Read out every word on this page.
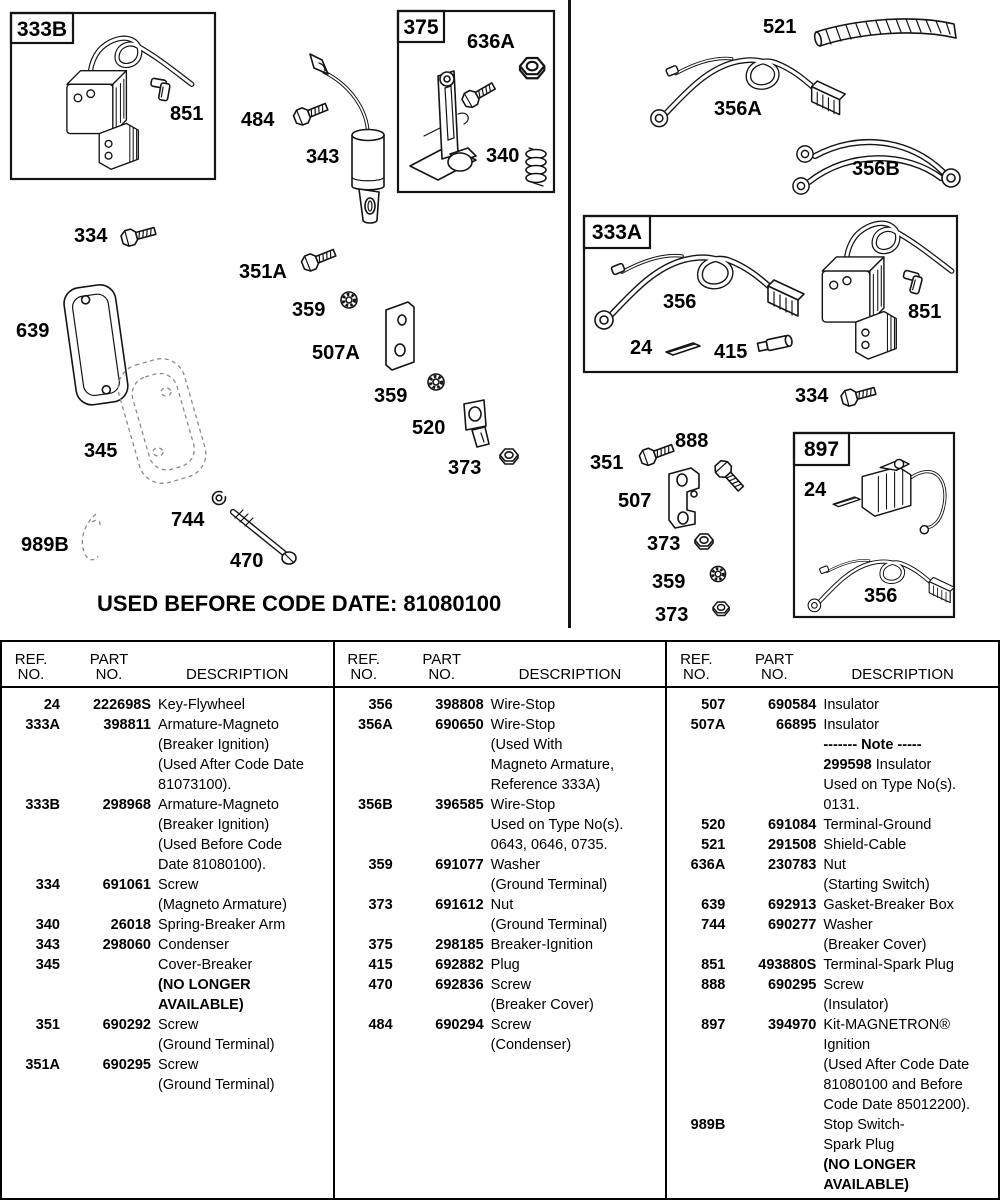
333B	375
333A
897
851 484
343
636A
340
521
356A
356B
356
24	415
851
334
334
351A
359
507A
359
520
373
639
345
989B
744
470
888
351
507
373
359
373
24
356
USED BEFORE CODE DATE: 81080100
REF.
NO.
PART
NO.	DESCRIPTION
24	222698S Key-Flywheel
333A	398811 Armature-Magneto
(Breaker Ignition)
(Used After Code Date
81073100).
333B	298968 Armature-Magneto
(Breaker Ignition)
(Used Before Code
Date 81080100).
334	691061 Screw
(Magneto Armature)
340	26018 Spring-Breaker Arm
343	298060 Condenser
345	Cover-Breaker
(NO LONGER
AVAILABLE)
351	690292 Screw
(Ground Terminal)
351A	690295 Screw
(Ground Terminal)
REF.
NO.
PART
NO.	DESCRIPTION
356	398808 Wire-Stop
356A	690650 Wire-Stop
(Used With
Magneto Armature,
Reference 333A)
356B	396585 Wire-Stop
Used on Type No(s).
0643, 0646, 0735.
359	691077 Washer
(Ground Terminal)
373	691612 Nut
(Ground Terminal)
375	298185 Breaker-Ignition
415	692882 Plug
470	692836 Screw
(Breaker Cover)
484	690294 Screw
(Condenser)
REF.
NO.
PART
NO.	DESCRIPTION
507	690584 Insulator
507A	66895 Insulator
------- Note -----
299598 Insulator
Used on Type No(s).
0131.
520	691084 Terminal-Ground
521	291508 Shield-Cable
636A	230783 Nut
(Starting Switch)
639	692913 Gasket-Breaker Box
744	690277 Washer
(Breaker Cover)
851	493880S Terminal-Spark Plug
888	690295 Screw
(Insulator)
897	394970 Kit-MAGNETRON®
Ignition
(Used After Code Date
81080100 and Before
Code Date 85012200).
989B	Stop Switch-
Spark Plug
(NO LONGER
AVAILABLE)
